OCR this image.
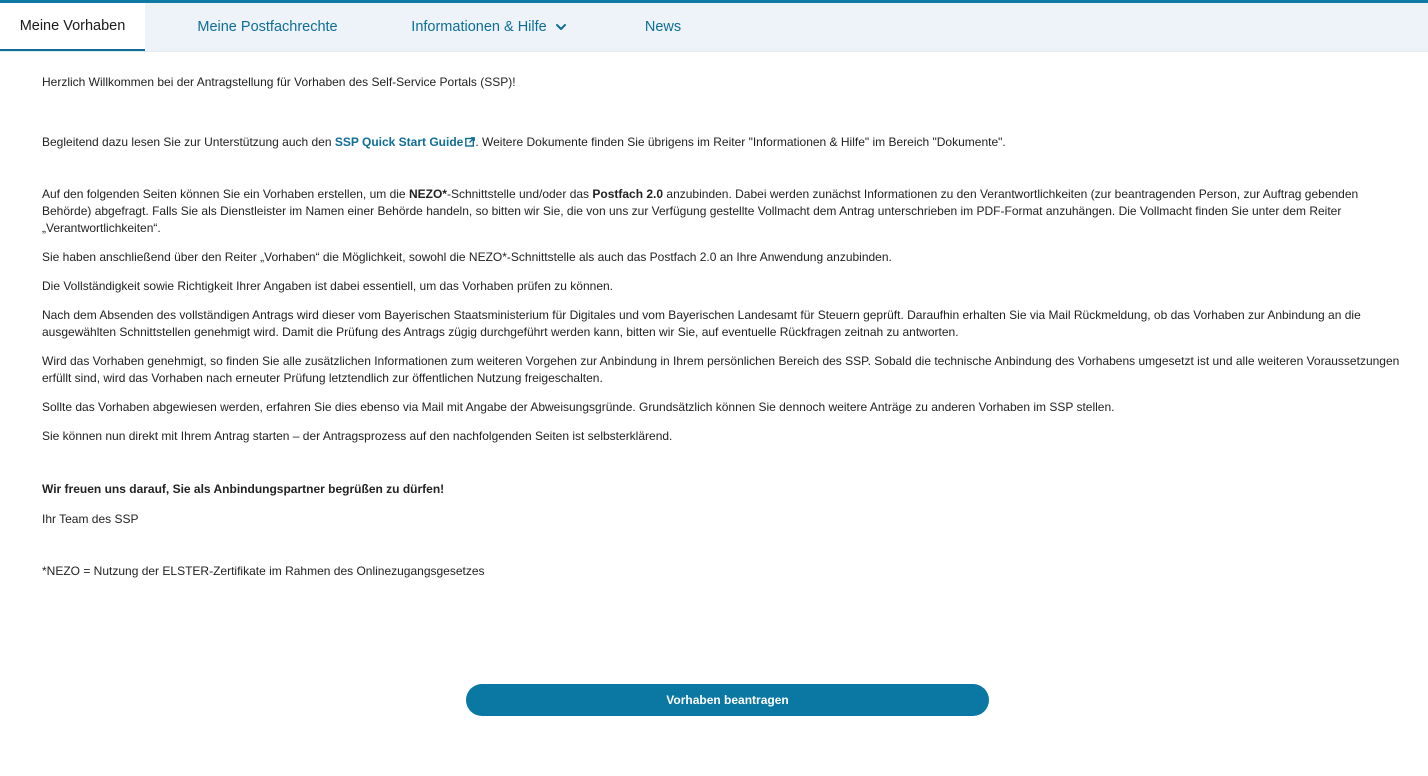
Meine Vorhaben	Meine Postfachrechte	Informationen & Hilfe	News

Herzlich Willkommen bei der Antragstellung für Vorhaben des Self-Service Portals (SSP)!

Begleitend dazu lesen Sie zur Unterstützung auch den SSP Quick Start Guide . Weitere Dokumente finden Sie übrigens im Reiter "Informationen & Hilfe" im Bereich "Dokumente".

Auf den folgenden Seiten können Sie ein Vorhaben erstellen, um die NEZO*-Schnittstelle und/oder das Postfach 2.0 anzubinden. Dabei werden zunächst Informationen zu den Verantwortlichkeiten (zur beantragenden Person, zur Auftrag gebenden Behörde) abgefragt. Falls Sie als Dienstleister im Namen einer Behörde handeln, so bitten wir Sie, die von uns zur Verfügung gestellte Vollmacht dem Antrag unterschrieben im PDF-Format anzuhängen. Die Vollmacht finden Sie unter dem Reiter „Verantwortlichkeiten“.

Sie haben anschließend über den Reiter „Vorhaben“ die Möglichkeit, sowohl die NEZO*-Schnittstelle als auch das Postfach 2.0 an Ihre Anwendung anzubinden.

Die Vollständigkeit sowie Richtigkeit Ihrer Angaben ist dabei essentiell, um das Vorhaben prüfen zu können.

Nach dem Absenden des vollständigen Antrags wird dieser vom Bayerischen Staatsministerium für Digitales und vom Bayerischen Landesamt für Steuern geprüft. Daraufhin erhalten Sie via Mail Rückmeldung, ob das Vorhaben zur Anbindung an die ausgewählten Schnittstellen genehmigt wird. Damit die Prüfung des Antrags zügig durchgeführt werden kann, bitten wir Sie, auf eventuelle Rückfragen zeitnah zu antworten.

Wird das Vorhaben genehmigt, so finden Sie alle zusätzlichen Informationen zum weiteren Vorgehen zur Anbindung in Ihrem persönlichen Bereich des SSP. Sobald die technische Anbindung des Vorhabens umgesetzt ist und alle weiteren Voraussetzungen erfüllt sind, wird das Vorhaben nach erneuter Prüfung letztendlich zur öffentlichen Nutzung freigeschalten.

Sollte das Vorhaben abgewiesen werden, erfahren Sie dies ebenso via Mail mit Angabe der Abweisungsgründe. Grundsätzlich können Sie dennoch weitere Anträge zu anderen Vorhaben im SSP stellen.

Sie können nun direkt mit Ihrem Antrag starten – der Antragsprozess auf den nachfolgenden Seiten ist selbsterklärend.

Wir freuen uns darauf, Sie als Anbindungspartner begrüßen zu dürfen!

Ihr Team des SSP

*NEZO = Nutzung der ELSTER-Zertifikate im Rahmen des Onlinezugangsgesetzes

Vorhaben beantragen
